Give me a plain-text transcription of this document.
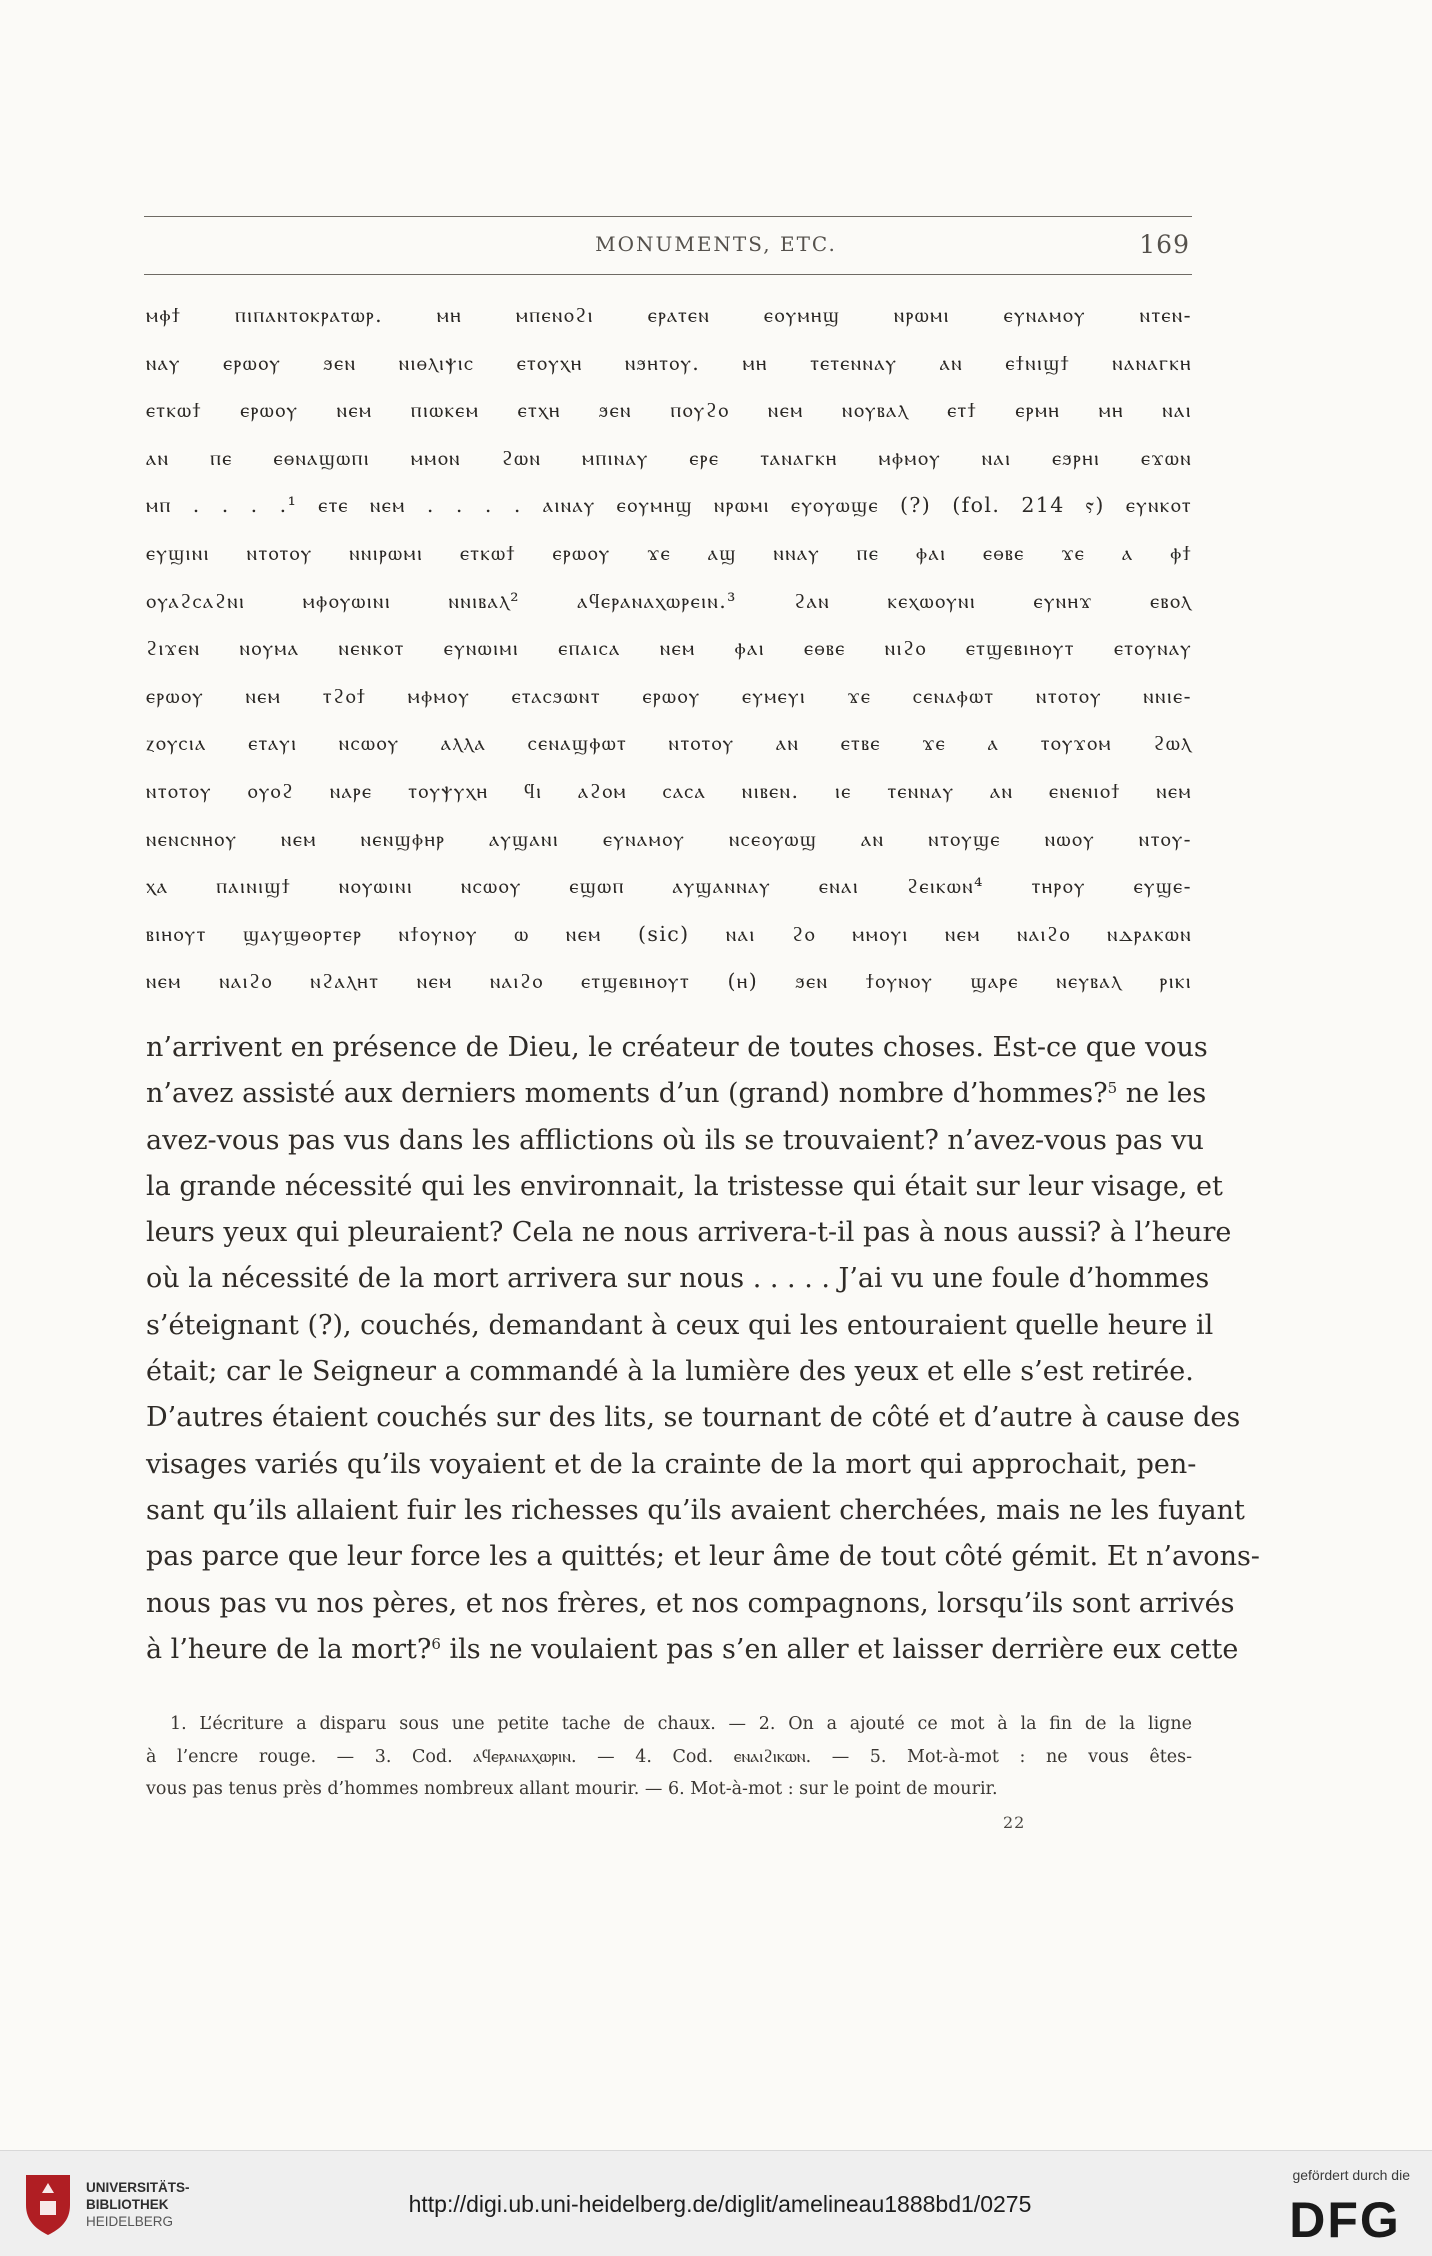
MONUMENTS, ETC.	169
ⲙⲫϯ ⲡⲓⲡⲁⲛⲧⲟⲕⲣⲁⲧⲱⲣ. ⲙⲏ ⲙⲡⲉⲛⲟϩⲓ ⲉⲣⲁⲧⲉⲛ ⲉⲟⲩⲙⲏϣ ⲛⲣⲱⲙⲓ ⲉⲩⲛⲁⲙⲟⲩ ⲛⲧⲉⲛ-
ⲛⲁⲩ ⲉⲣⲱⲟⲩ ϧⲉⲛ ⲛⲓⲑⲗⲓⲯⲓⲥ ⲉⲧⲟⲩⲭⲏ ⲛϧⲏⲧⲟⲩ. ⲙⲏ ⲧⲉⲧⲉⲛⲛⲁⲩ ⲁⲛ ⲉϯⲛⲓϣϯ ⲛⲁⲛⲁⲅⲕⲏ
ⲉⲧⲕⲱϯ ⲉⲣⲱⲟⲩ ⲛⲉⲙ ⲡⲓⲱⲕⲉⲙ ⲉⲧⲭⲏ ϧⲉⲛ ⲡⲟⲩϩⲟ ⲛⲉⲙ ⲛⲟⲩⲃⲁⲗ ⲉⲧϯ ⲉⲣⲙⲏ ⲙⲏ ⲛⲁⲓ
ⲁⲛ ⲡⲉ ⲉⲑⲛⲁϣⲱⲡⲓ ⲙⲙⲟⲛ ϩⲱⲛ ⲙⲡⲓⲛⲁⲩ ⲉⲣⲉ ⲧⲁⲛⲁⲅⲕⲏ ⲙⲫⲙⲟⲩ ⲛⲁⲓ ⲉϧⲣⲏⲓ ⲉϫⲱⲛ
ⲙⲡ . . . .¹ ⲉⲧⲉ ⲛⲉⲙ . . . . ⲁⲓⲛⲁⲩ ⲉⲟⲩⲙⲏϣ ⲛⲣⲱⲙⲓ ⲉⲩⲟⲩⲱϣⲉ (?) (fol. 214 ⲋ) ⲉⲩⲛⲕⲟⲧ
ⲉⲩϣⲓⲛⲓ ⲛⲧⲟⲧⲟⲩ ⲛⲛⲓⲣⲱⲙⲓ ⲉⲧⲕⲱϯ ⲉⲣⲱⲟⲩ ϫⲉ ⲁϣ ⲛⲛⲁⲩ ⲡⲉ ⲫⲁⲓ ⲉⲑⲃⲉ ϫⲉ ⲁ ⲫϯ
ⲟⲩⲁϩⲥⲁϩⲛⲓ ⲙⲫⲟⲩⲱⲓⲛⲓ ⲛⲛⲓⲃⲁⲗ² ⲁϥⲉⲣⲁⲛⲁⲭⲱⲣⲉⲓⲛ.³ ϩⲁⲛ ⲕⲉⲭⲱⲟⲩⲛⲓ ⲉⲩⲛⲏϫ ⲉⲃⲟⲗ
ϩⲓϫⲉⲛ ⲛⲟⲩⲙⲁ ⲛⲉⲛⲕⲟⲧ ⲉⲩⲛⲱⲓⲙⲓ ⲉⲡⲁⲓⲥⲁ ⲛⲉⲙ ⲫⲁⲓ ⲉⲑⲃⲉ ⲛⲓϩⲟ ⲉⲧϣⲉⲃⲓⲏⲟⲩⲧ ⲉⲧⲟⲩⲛⲁⲩ
ⲉⲣⲱⲟⲩ ⲛⲉⲙ ⲧϩⲟϯ ⲙⲫⲙⲟⲩ ⲉⲧⲁⲥϧⲱⲛⲧ ⲉⲣⲱⲟⲩ ⲉⲩⲙⲉⲩⲓ ϫⲉ ⲥⲉⲛⲁⲫⲱⲧ ⲛⲧⲟⲧⲟⲩ ⲛⲛⲓⲉ-
ⲍⲟⲩⲥⲓⲁ ⲉⲧⲁⲩⲓ ⲛⲥⲱⲟⲩ ⲁⲗⲗⲁ ⲥⲉⲛⲁϣⲫⲱⲧ ⲛⲧⲟⲧⲟⲩ ⲁⲛ ⲉⲧⲃⲉ ϫⲉ ⲁ ⲧⲟⲩϫⲟⲙ ϩⲱⲗ
ⲛⲧⲟⲧⲟⲩ ⲟⲩⲟϩ ⲛⲁⲣⲉ ⲧⲟⲩⲯⲩⲭⲏ ϥⲓ ⲁϩⲟⲙ ⲥⲁⲥⲁ ⲛⲓⲃⲉⲛ. ⲓⲉ ⲧⲉⲛⲛⲁⲩ ⲁⲛ ⲉⲛⲉⲛⲓⲟϯ ⲛⲉⲙ
ⲛⲉⲛⲥⲛⲏⲟⲩ ⲛⲉⲙ ⲛⲉⲛϣⲫⲏⲣ ⲁⲩϣⲁⲛⲓ ⲉⲩⲛⲁⲙⲟⲩ ⲛⲥⲉⲟⲩⲱϣ ⲁⲛ ⲛⲧⲟⲩϣⲉ ⲛⲱⲟⲩ ⲛⲧⲟⲩ-
ⲭⲁ ⲡⲁⲓⲛⲓϣϯ ⲛⲟⲩⲱⲓⲛⲓ ⲛⲥⲱⲟⲩ ⲉϣⲱⲡ ⲁⲩϣⲁⲛⲛⲁⲩ ⲉⲛⲁⲓ ϩⲉⲓⲕⲱⲛ⁴ ⲧⲏⲣⲟⲩ ⲉⲩϣⲉ-
ⲃⲓⲏⲟⲩⲧ ϣⲁⲩϣⲑⲟⲣⲧⲉⲣ ⲛϯⲟⲩⲛⲟⲩ ⲱ ⲛⲉⲙ (sic) ⲛⲁⲓ ϩⲟ ⲙⲙⲟⲩⲓ ⲛⲉⲙ ⲛⲁⲓϩⲟ ⲛⲇⲣⲁⲕⲱⲛ
ⲛⲉⲙ ⲛⲁⲓϩⲟ ⲛϩⲁⲗⲏⲧ ⲛⲉⲙ ⲛⲁⲓϩⲟ ⲉⲧϣⲉⲃⲓⲏⲟⲩⲧ (ⲏ) ϧⲉⲛ ϯⲟⲩⲛⲟⲩ ϣⲁⲣⲉ ⲛⲉⲩⲃⲁⲗ ⲣⲓⲕⲓ
n’arrivent en présence de Dieu, le créateur de toutes choses. Est-ce que vous
n’avez assisté aux derniers moments d’un (grand) nombre d’hommes?$^5$ ne les
avez-vous pas vus dans les afflictions où ils se trouvaient? n’avez-vous pas vu
la grande nécessité qui les environnait, la tristesse qui était sur leur visage, et
leurs yeux qui pleuraient? Cela ne nous arrivera-t-il pas à nous aussi? à l’heure
où la nécessité de la mort arrivera sur nous . . . . . J’ai vu une foule d’hommes
s’éteignant (?), couchés, demandant à ceux qui les entouraient quelle heure il
était; car le Seigneur a commandé à la lumière des yeux et elle s’est retirée.
D’autres étaient couchés sur des lits, se tournant de côté et d’autre à cause des
visages variés qu’ils voyaient et de la crainte de la mort qui approchait, pen-
sant qu’ils allaient fuir les richesses qu’ils avaient cherchées, mais ne les fuyant
pas parce que leur force les a quittés; et leur âme de tout côté gémit. Et n’avons-
nous pas vu nos pères, et nos frères, et nos compagnons, lorsqu’ils sont arrivés
à l’heure de la mort?$^6$ ils ne voulaient pas s’en aller et laisser derrière eux cette
1. L’écriture a disparu sous une petite tache de chaux. — 2. On a ajouté ce mot à la fin de la ligne
à l’encre rouge. — 3. Cod. ⲁϥⲉⲣⲁⲛⲁⲭⲱⲣⲓⲛ. — 4. Cod. ⲉⲛⲁⲓϩⲓⲕⲱⲛ. — 5. Mot-à-mot : ne vous êtes-
vous pas tenus près d’hommes nombreux allant mourir. — 6. Mot-à-mot : sur le point de mourir.
22
UNIVERSITÄTS-
BIBLIOTHEK
HEIDELBERG
http://digi.ub.uni-heidelberg.de/diglit/amelineau1888bd1/0275
gefördert durch die
DFG
